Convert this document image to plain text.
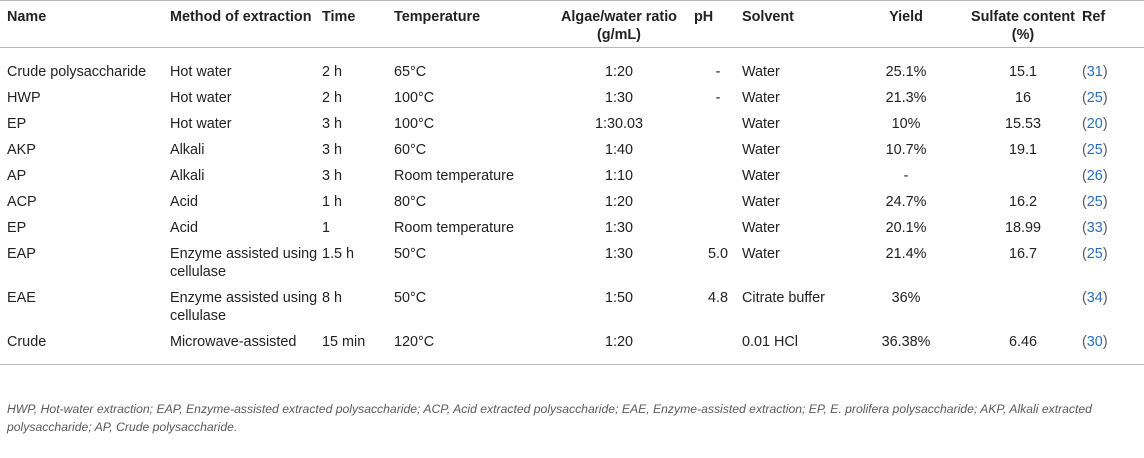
Name	Method of extraction	Time	Temperature	Algae/water ratio (g/mL)	pH	Solvent	Yield	Sulfate content (%)	Ref
Crude polysaccharide	Hot water	2 h	65°C	1:20	-	Water	25.1%	15.1	(31)
HWP	Hot water	2 h	100°C	1:30	-	Water	21.3%	16	(25)
EP	Hot water	3 h	100°C	1:30.03		Water	10%	15.53	(20)
AKP	Alkali	3 h	60°C	1:40		Water	10.7%	19.1	(25)
AP	Alkali	3 h	Room temperature	1:10		Water	-		(26)
ACP	Acid	1 h	80°C	1:20		Water	24.7%	16.2	(25)
EP	Acid	1	Room temperature	1:30		Water	20.1%	18.99	(33)
EAP	Enzyme assisted using cellulase	1.5 h	50°C	1:30	5.0	Water	21.4%	16.7	(25)
EAE	Enzyme assisted using cellulase	8 h	50°C	1:50	4.8	Citrate buffer	36%		(34)
Crude	Microwave-assisted	15 min	120°C	1:20		0.01 HCl	36.38%	6.46	(30)
HWP, Hot-water extraction; EAP, Enzyme-assisted extracted polysaccharide; ACP, Acid extracted polysaccharide; EAE, Enzyme-assisted extraction; EP, E. prolifera polysaccharide; AKP, Alkali extracted polysaccharide; AP, Crude polysaccharide.
